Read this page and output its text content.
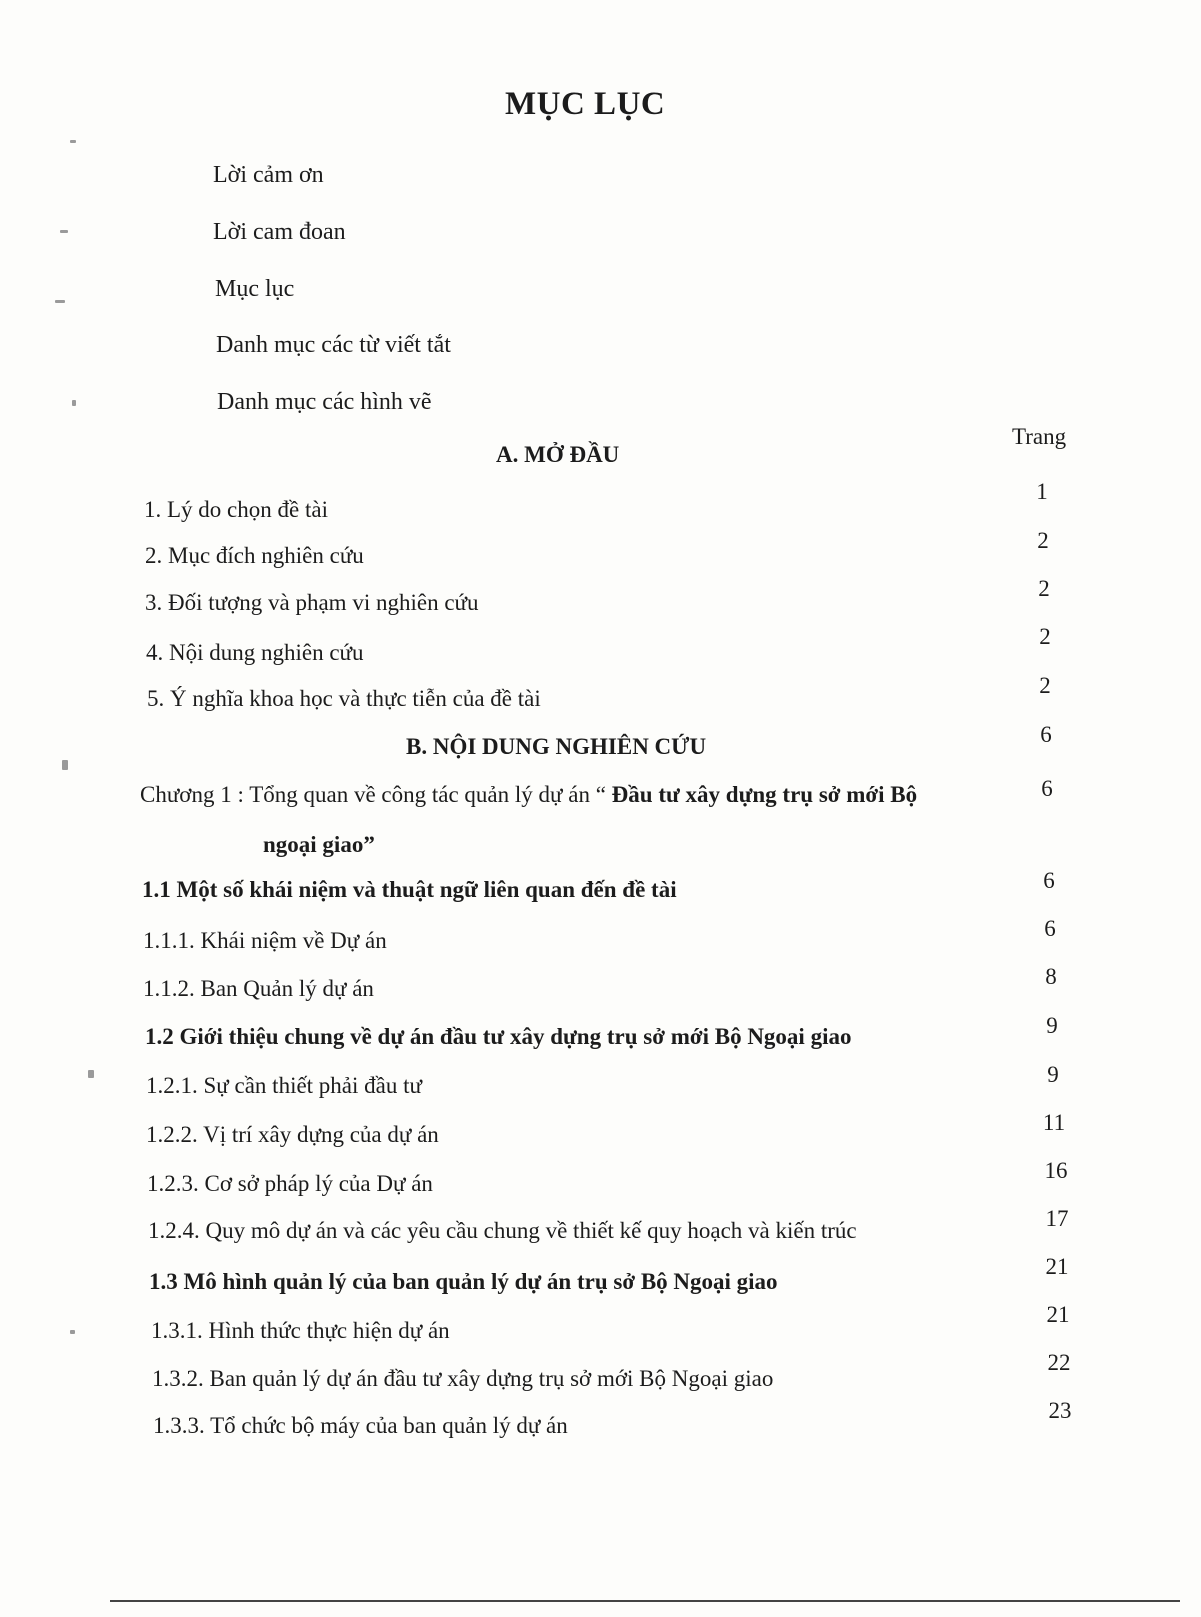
MỤC LỤC
Lời cảm ơn
Lời cam đoan
Mục lục
Danh mục các từ viết tắt
Danh mục các hình vẽ
Trang
A. MỞ ĐẦU
1
1. Lý do chọn đề tài
2
2. Mục đích nghiên cứu
2
3. Đối tượng và phạm vi nghiên cứu
2
4. Nội dung nghiên cứu
2
5. Ý nghĩa khoa học và thực tiễn của đề tài
6
B. NỘI DUNG NGHIÊN CỨU
6
Chương 1 : Tổng quan về công tác quản lý dự án “ Đầu tư xây dựng trụ sở mới Bộ
ngoại giao”
6
1.1 Một số khái niệm và thuật ngữ liên quan đến đề tài
6
1.1.1. Khái niệm về Dự án
8
1.1.2. Ban Quản lý dự án
9
1.2 Giới thiệu chung về dự án đầu tư xây dựng trụ sở mới Bộ Ngoại giao
9
1.2.1. Sự cần thiết phải đầu tư
11
1.2.2. Vị trí xây dựng của dự án
16
1.2.3. Cơ sở pháp lý của Dự án
17
1.2.4. Quy mô dự án và các yêu cầu chung về thiết kế quy hoạch và kiến trúc
21
1.3 Mô hình quản lý của ban quản lý dự án trụ sở Bộ Ngoại giao
21
1.3.1. Hình thức thực hiện dự án
22
1.3.2. Ban quản lý dự án đầu tư xây dựng trụ sở mới Bộ Ngoại giao
23
1.3.3. Tổ chức bộ máy của ban quản lý dự án
